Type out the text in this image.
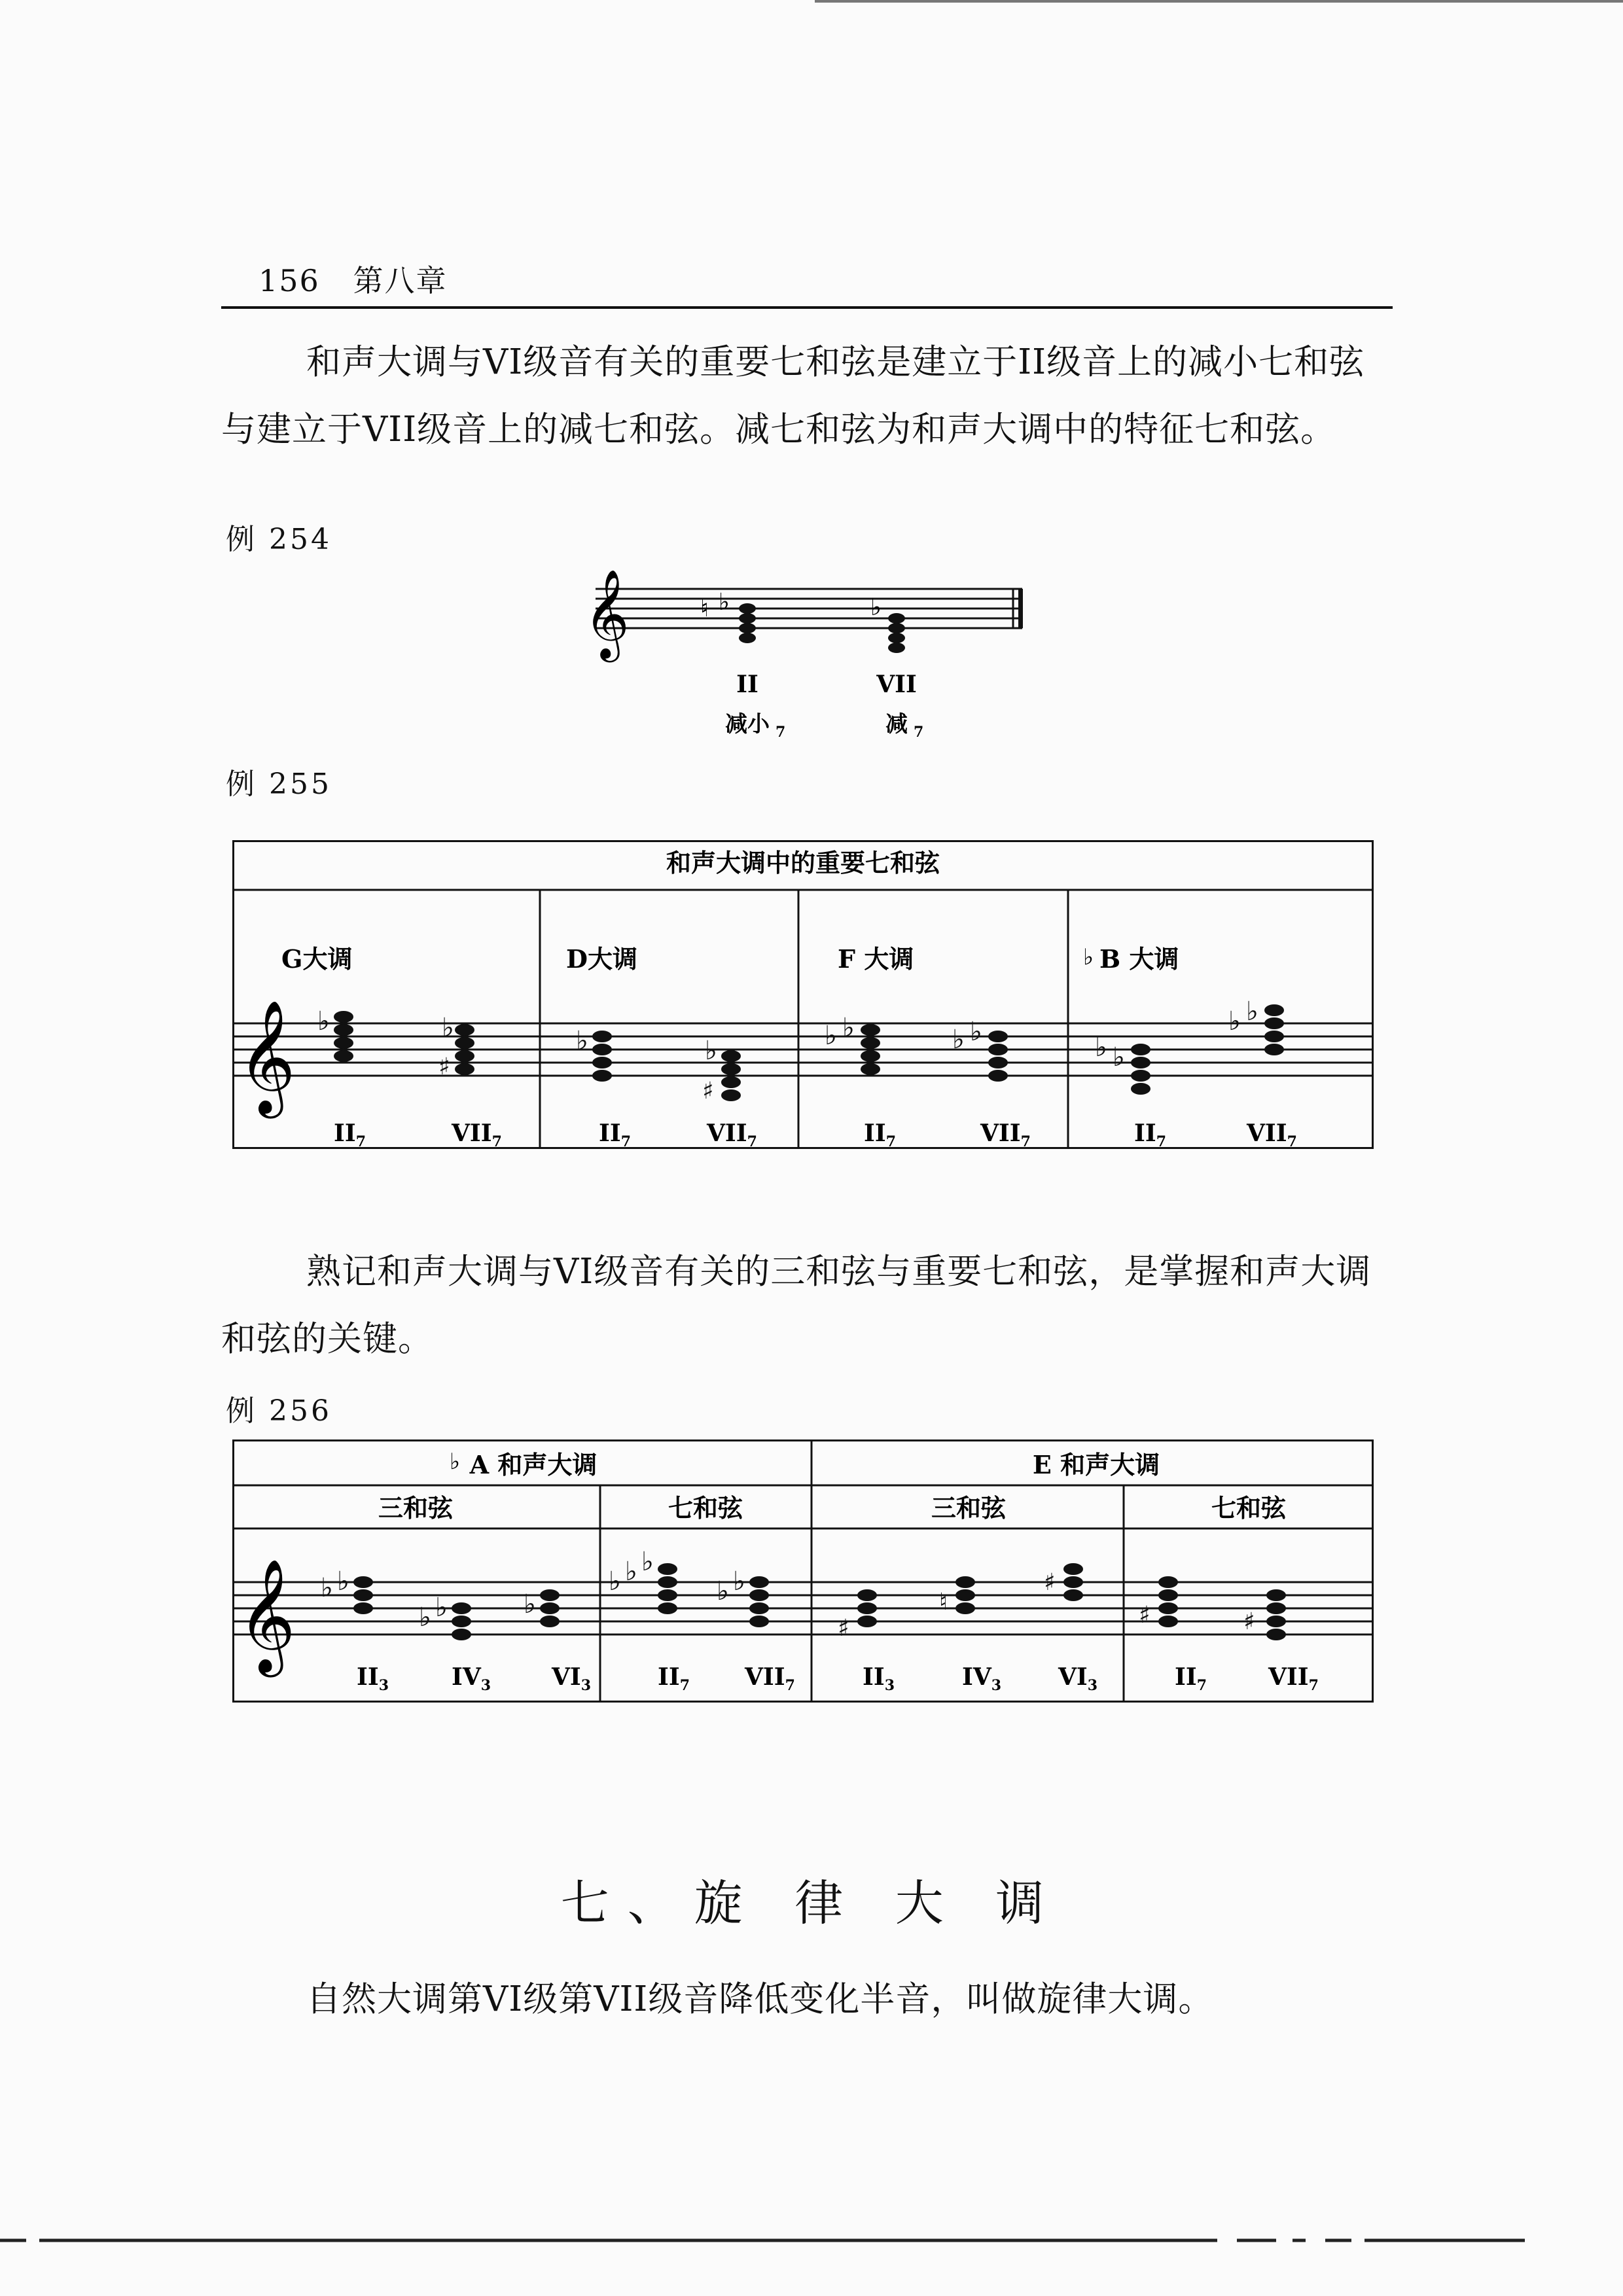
156 第八章
和声大调与VI级音有关的重要七和弦是建立于II级音上的减小七和弦与建立于VII级音上的减七和弦。减七和弦为和声大调中的特征七和弦。
例 254
𝄞	♮ ♭	♭
II	VII
减小 7	减 7
例 255
和声大调中的重要七和弦
𝄞
G大调	D大调	F 大调	♭ B 大调
♭	♭
♯
♭	♭
♯
♭ ♭	♭ ♭
♭ ♭
♭ ♭
$II_7$	$VII_7$	$II_7$	$VII_7$	$II_7$	$VII_7$	$II_7$	$VII_7$
熟记和声大调与VI级音有关的三和弦与重要七和弦，是掌握和声大调和弦的关键。
例 256
♭ A 和声大调	E 和声大调
三和弦	七和弦	三和弦	七和弦
𝄞 ♭ ♭
♭ ♭	♭
♭ ♭ ♭
♭ ♭
♯
♮
♯
♯	♯
$II_3$	$IV_3$	$VI_3$	$II_7$ $VII_7$	$II_3$	$IV_3$ $VI_3$	$II_7$	$VII_7$
七、旋 律 大 调
自然大调第VI级第VII级音降低变化半音，叫做旋律大调。
